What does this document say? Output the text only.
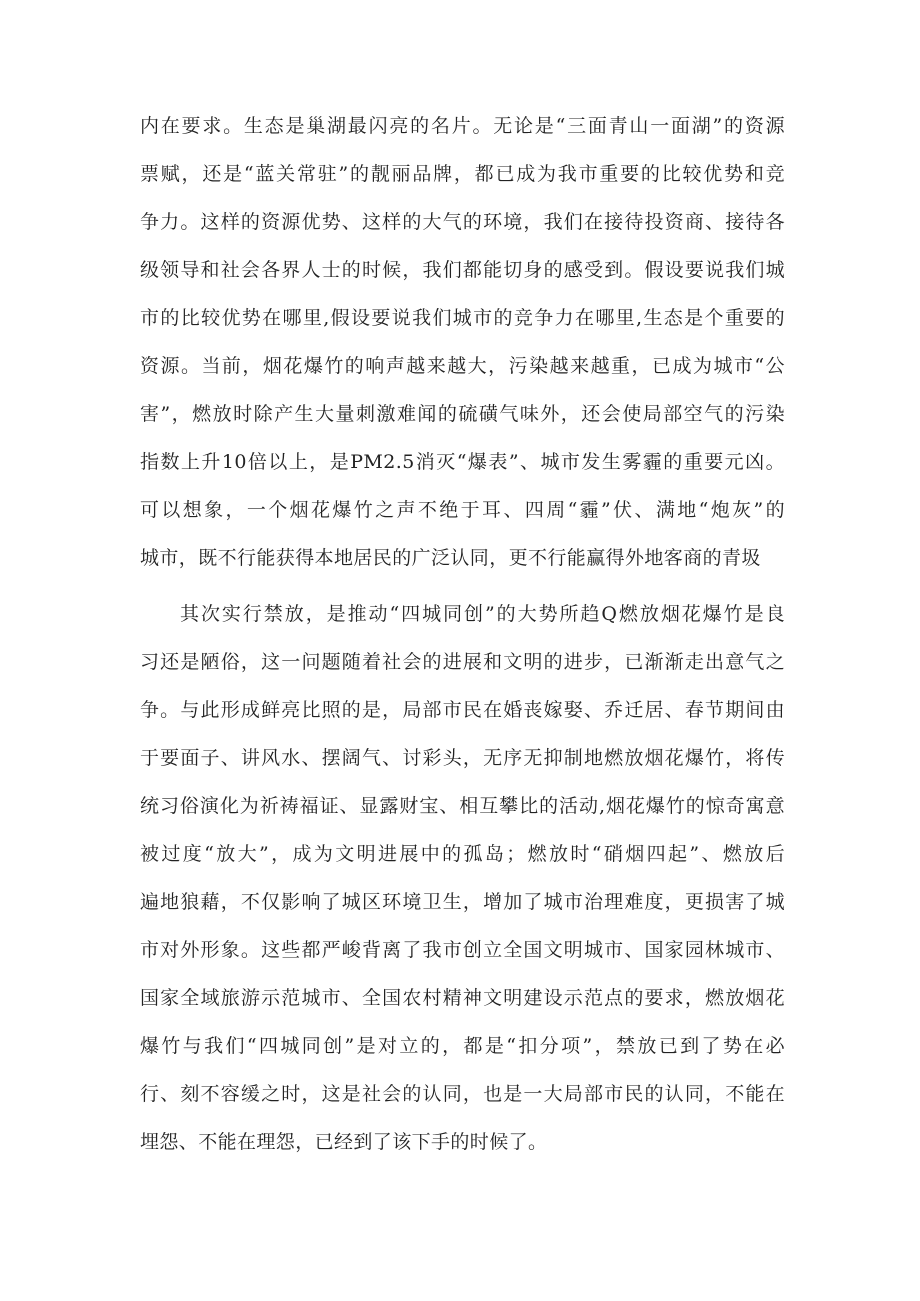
内在要求。生态是巢湖最闪亮的名片。无论是“三面青山一面湖”的资源
票赋，还是“蓝关常驻”的靓丽品牌，都已成为我市重要的比较优势和竞
争力。这样的资源优势、这样的大气的环境，我们在接待投资商、接待各
级领导和社会各界人士的时候，我们都能切身的感受到。假设要说我们城
市的比较优势在哪里,假设要说我们城市的竞争力在哪里,生态是个重要的
资源。当前，烟花爆竹的响声越来越大，污染越来越重，已成为城市“公
害”，燃放时除产生大量刺激难闻的硫磺气味外，还会使局部空气的污染
指数上升10倍以上，是PM2.5消灭“爆表”、城市发生雾霾的重要元凶。
可以想象，一个烟花爆竹之声不绝于耳、四周“霾”伏、满地“炮灰”的
城市，既不行能获得本地居民的广泛认同，更不行能赢得外地客商的青圾
其次实行禁放，是推动“四城同创”的大势所趋Q燃放烟花爆竹是良
习还是陋俗，这一问题随着社会的进展和文明的进步，已渐渐走出意气之
争。与此形成鲜亮比照的是，局部市民在婚丧嫁娶、乔迁居、春节期间由
于要面子、讲风水、摆阔气、讨彩头，无序无抑制地燃放烟花爆竹，将传
统习俗演化为祈祷福证、显露财宝、相互攀比的活动,烟花爆竹的惊奇寓意
被过度“放大”，成为文明进展中的孤岛；燃放时“硝烟四起”、燃放后
遍地狼藉，不仅影响了城区环境卫生，增加了城市治理难度，更损害了城
市对外形象。这些都严峻背离了我市创立全国文明城市、国家园林城市、
国家全域旅游示范城市、全国农村精神文明建设示范点的要求，燃放烟花
爆竹与我们“四城同创”是对立的，都是“扣分项”，禁放已到了势在必
行、刻不容缓之时，这是社会的认同，也是一大局部市民的认同，不能在
埋怨、不能在理怨，已经到了该下手的时候了。
